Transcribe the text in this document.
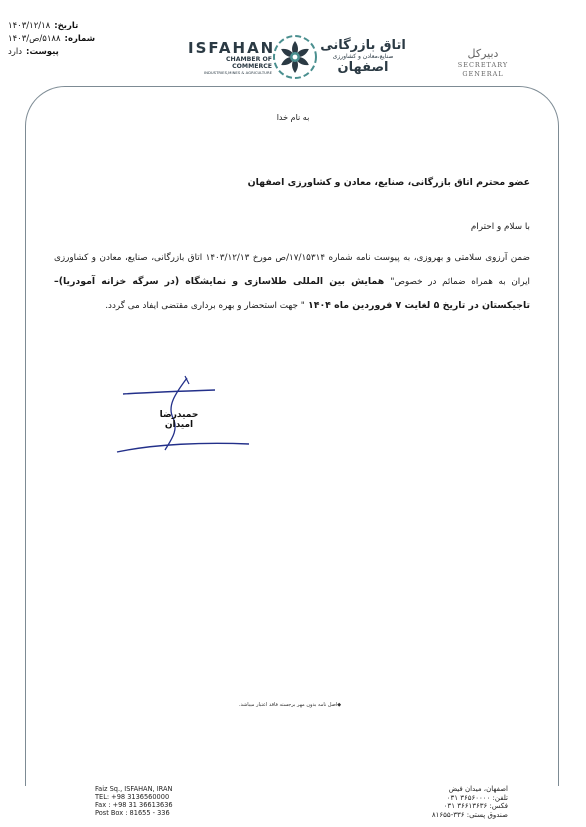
تاریخ:
۱۴۰۳/۱۲/۱۸
شماره:
۵۱۸۸/ص/۱۴۰۳
پیوست:
دارد	ISFAHAN
CHAMBER OF COMMERCE
INDUSTRIES,MINES & AGRICULTURE
اتاق بازرگانی
صنایع،معادن و کشاورزی
اصفهان
دبیرکل
SECRETARY GENERAL
به نام خدا
عضو محترم اتاق بازرگانی، صنایع، معادن و کشاورزی اصفهان
با سلام و احترام
ضمن آرزوی سلامتی و بهروزی، به پیوست نامه شماره ۱۷/۱۵۳۱۴/ص مورخ ۱۴۰۳/۱۲/۱۳ اتاق بازرگانی، صنایع، معادن و کشاورزی ایران به همراه ضمائم در خصوص" همایش بین المللی طلاسازی و نمایشگاه (در سرگه خزانه آمودریا)– تاجیکستان در تاریخ ۵ لغایت ۷ فروردین ماه ۱۴۰۴ " جهت استحضار و بهره برداری مقتضی ایفاد می گردد.
حمیدرضا امیدان
◆اصل نامه بدون مهر برجسته فاقد اعتبار میباشد.
ECCIM.COM
info@eccim.com
Faiz Sq., ISFAHAN, IRAN
TEL: +98 3136560000
Fax : +98 31 36613636
Post Box : 81655 - 336
اصفهان، میدان فیض
تلفن: ۳۶۵۶۰۰۰۰ ۰۳۱
فکس: ۳۶۶۱۳۶۳۶ ۰۳۱
صندوق پستی: ۳۳۶-۸۱۶۵۵
